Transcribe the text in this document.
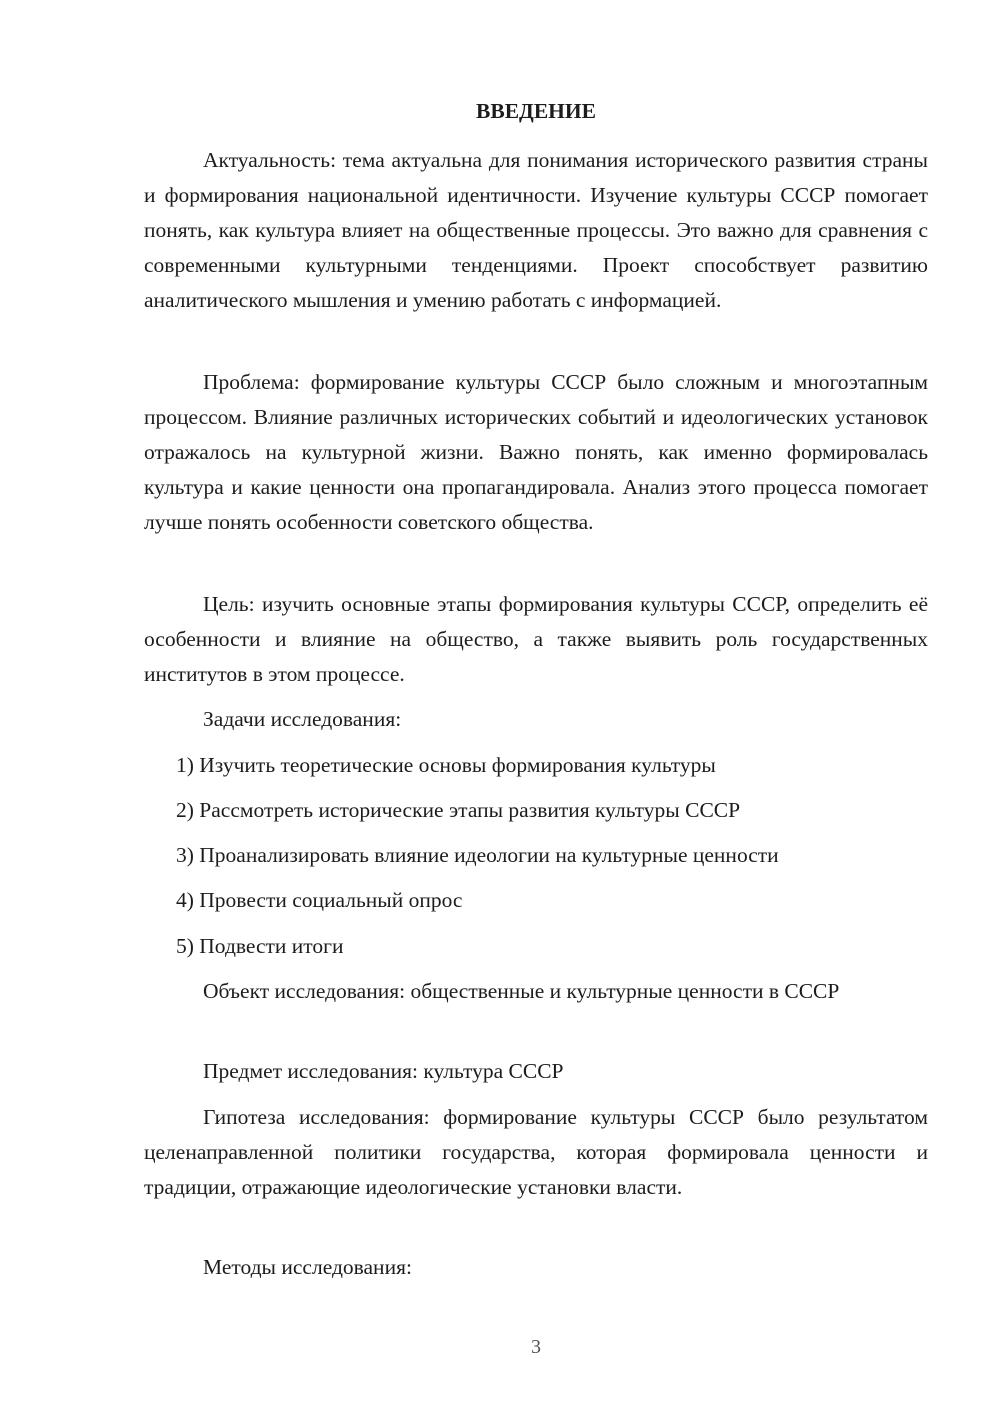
ВВЕДЕНИЕ

Актуальность: тема актуальна для понимания исторического развития страны и формирования национальной идентичности. Изучение культуры СССР помогает понять, как культура влияет на общественные процессы. Это важно для сравнения с современными культурными тенденциями. Проект способствует развитию аналитического мышления и умению работать с информацией.

Проблема: формирование культуры СССР было сложным и многоэтапным процессом. Влияние различных исторических событий и идеологических установок отражалось на культурной жизни. Важно понять, как именно формировалась культура и какие ценности она пропагандировала. Анализ этого процесса помогает лучше понять особенности советского общества.

Цель: изучить основные этапы формирования культуры СССР, определить её особенности и влияние на общество, а также выявить роль государственных институтов в этом процессе.

Задачи исследования:

1) Изучить теоретические основы формирования культуры

2) Рассмотреть исторические этапы развития культуры СССР

3) Проанализировать влияние идеологии на культурные ценности

4) Провести социальный опрос

5) Подвести итоги

Объект исследования: общественные и культурные ценности в СССР

Предмет исследования: культура СССР

Гипотеза исследования: формирование культуры СССР было результатом целенаправленной политики государства, которая формировала ценности и традиции, отражающие идеологические установки власти.

Методы исследования:

3
